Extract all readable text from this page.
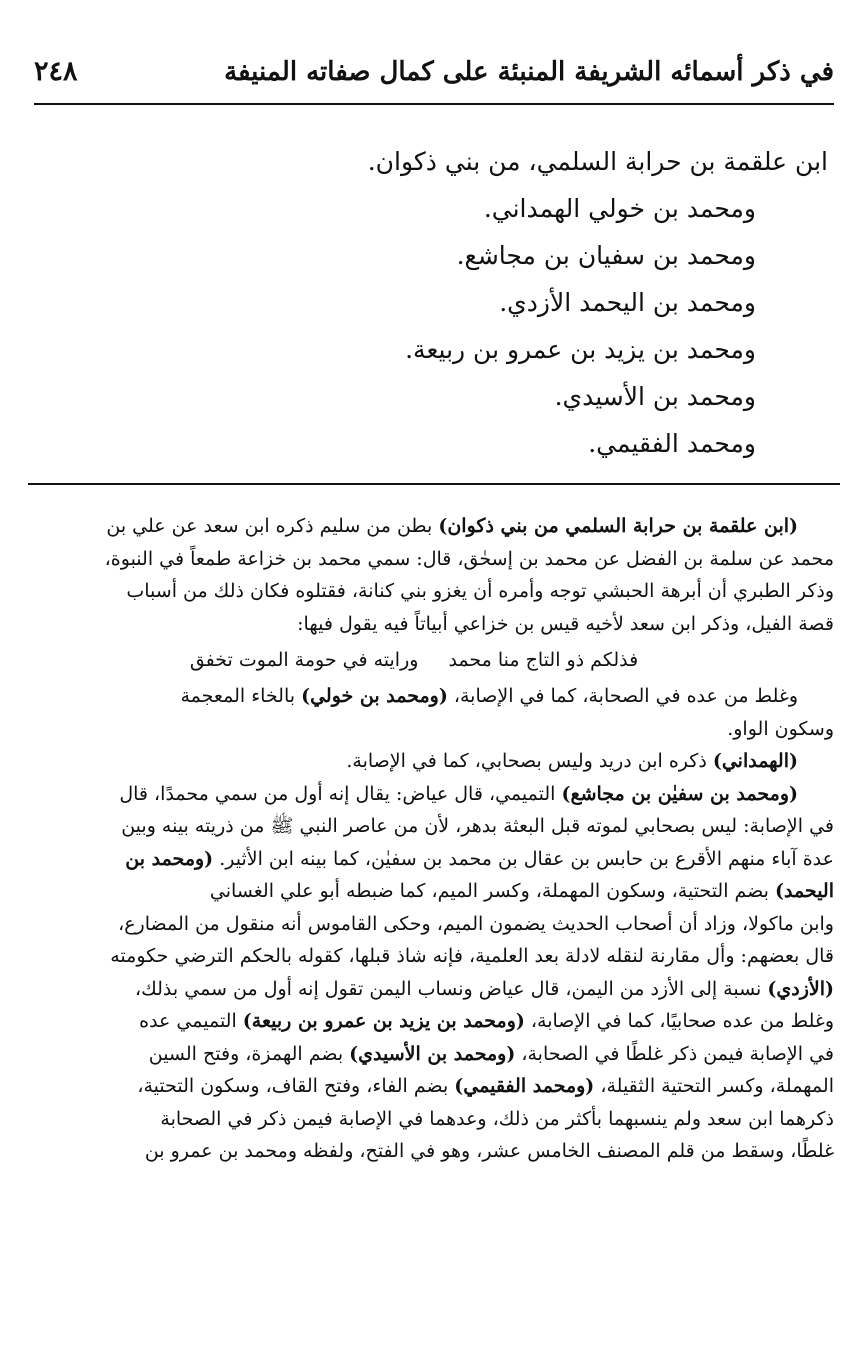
في ذكر أسمائه الشريفة المنبئة على كمال صفاته المنيفة
٢٤٨
ابن علقمة بن حرابة السلمي، من بني ذكوان.
ومحمد بن خولي الهمداني.
ومحمد بن سفيان بن مجاشع.
ومحمد بن اليحمد الأزدي.
ومحمد بن يزيد بن عمرو بن ربيعة.
ومحمد بن الأسيدي.
ومحمد الفقيمي.
(ابن علقمة بن حرابة السلمي من بني ذكوان) بطن من سليم ذكره ابن سعد عن علي بن
محمد عن سلمة بن الفضل عن محمد بن إسحٰق، قال: سمي محمد بن خزاعة طمعاً في النبوة،
وذكر الطبري أن أبرهة الحبشي توجه وأمره أن يغزو بني كنانة، فقتلوه فكان ذلك من أسباب
قصة الفيل، وذكر ابن سعد لأخيه قيس بن خزاعي أبياتاً فيه يقول فيها:
فذلكم ذو التاج منا محمد
ورايته في حومة الموت تخفق
وغلط من عده في الصحابة، كما في الإصابة، (ومحمد بن خولي) بالخاء المعجمة
وسكون الواو.
(الهمداني) ذكره ابن دريد وليس بصحابي، كما في الإصابة.
(ومحمد بن سفيٰن بن مجاشع) التميمي، قال عياض: يقال إنه أول من سمي محمدًا، قال
في الإصابة: ليس بصحابي لموته قبل البعثة بدهر، لأن من عاصر النبي ﷺ من ذريته بينه وبين
عدة آباء منهم الأقرع بن حابس بن عقال بن محمد بن سفيٰن، كما بينه ابن الأثير. (ومحمد بن
اليحمد) بضم التحتية، وسكون المهملة، وكسر الميم، كما ضبطه أبو علي الغساني
وابن ماكولا، وزاد أن أصحاب الحديث يضمون الميم، وحكى القاموس أنه منقول من المضارع،
قال بعضهم: وأل مقارنة لنقله لادلة بعد العلمية، فإنه شاذ قبلها، كقوله بالحكم الترضي حكومته
(الأزدي) نسبة إلى الأزد من اليمن، قال عياض ونساب اليمن تقول إنه أول من سمي بذلك،
وغلط من عده صحابيًا، كما في الإصابة، (ومحمد بن يزيد بن عمرو بن ربيعة) التميمي عده
في الإصابة فيمن ذكر غلطًا في الصحابة، (ومحمد بن الأسيدي) بضم الهمزة، وفتح السين
المهملة، وكسر التحتية الثقيلة، (ومحمد الفقيمي) بضم الفاء، وفتح القاف، وسكون التحتية،
ذكرهما ابن سعد ولم ينسبهما بأكثر من ذلك، وعدهما في الإصابة فيمن ذكر في الصحابة
غلطًا، وسقط من قلم المصنف الخامس عشر، وهو في الفتح، ولفظه ومحمد بن عمرو بن
